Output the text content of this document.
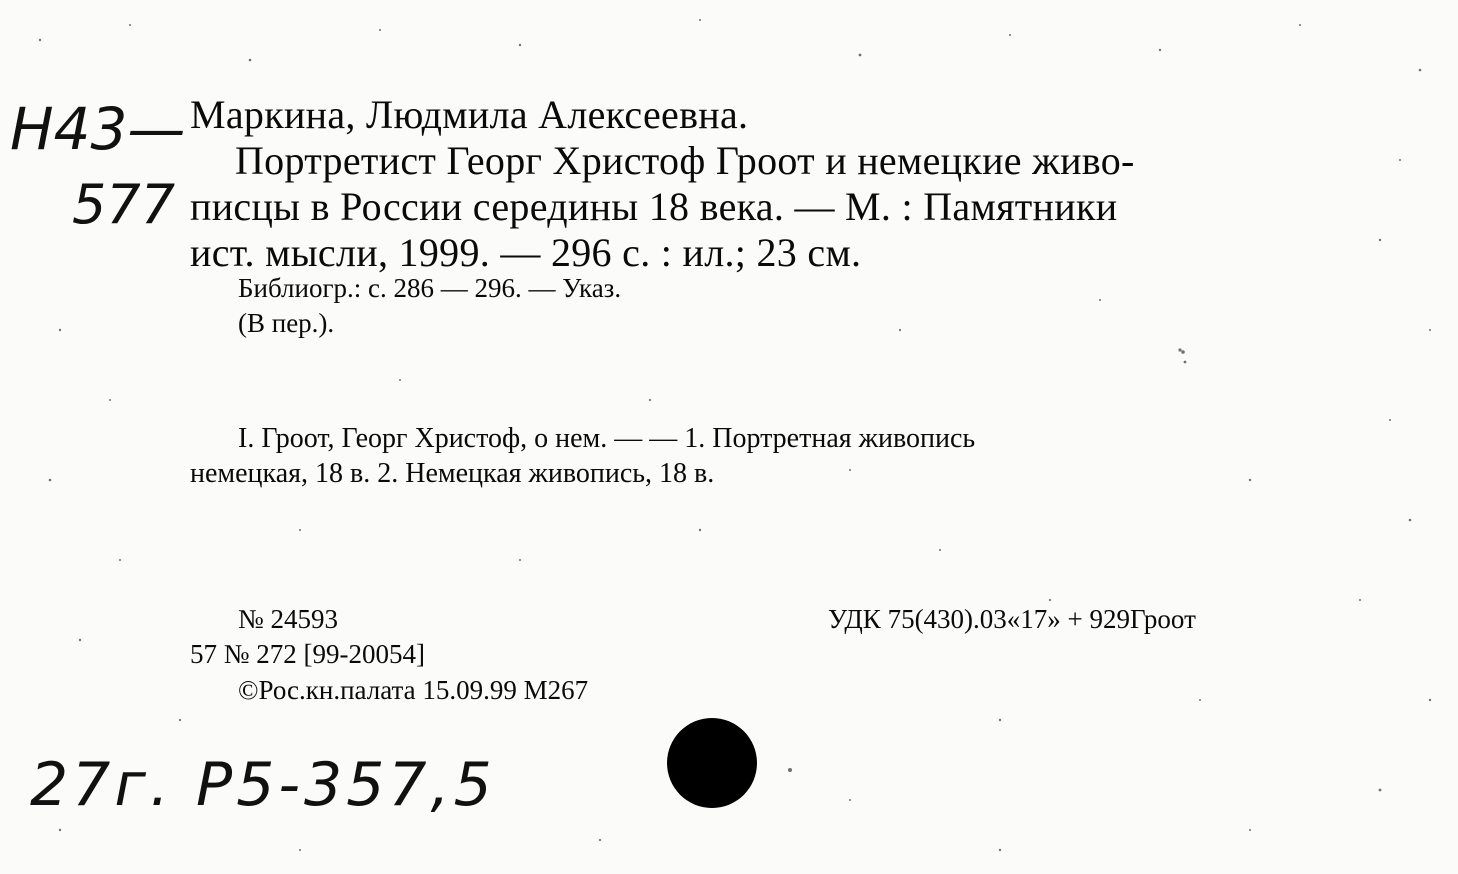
Н43—
577
Маркина, Людмила Алексеевна.
Портретист Георг Христоф Гроот и немецкие живо-
писцы в России середины 18 века. — М. : Памятники
ист. мысли, 1999. — 296 с. : ил.; 23 см.
Библиогр.: с. 286 — 296. — Указ.
(В пер.).
I. Гроот, Георг Христоф, о нем. — — 1. Портретная живопись
немецкая, 18 в. 2. Немецкая живопись, 18 в.
№ 24593	УДК 75(430).03«17» + 929Гроот
57 № 272 [99-20054]
©Рос.кн.палата 15.09.99 М267
27г. Р5-357,5
